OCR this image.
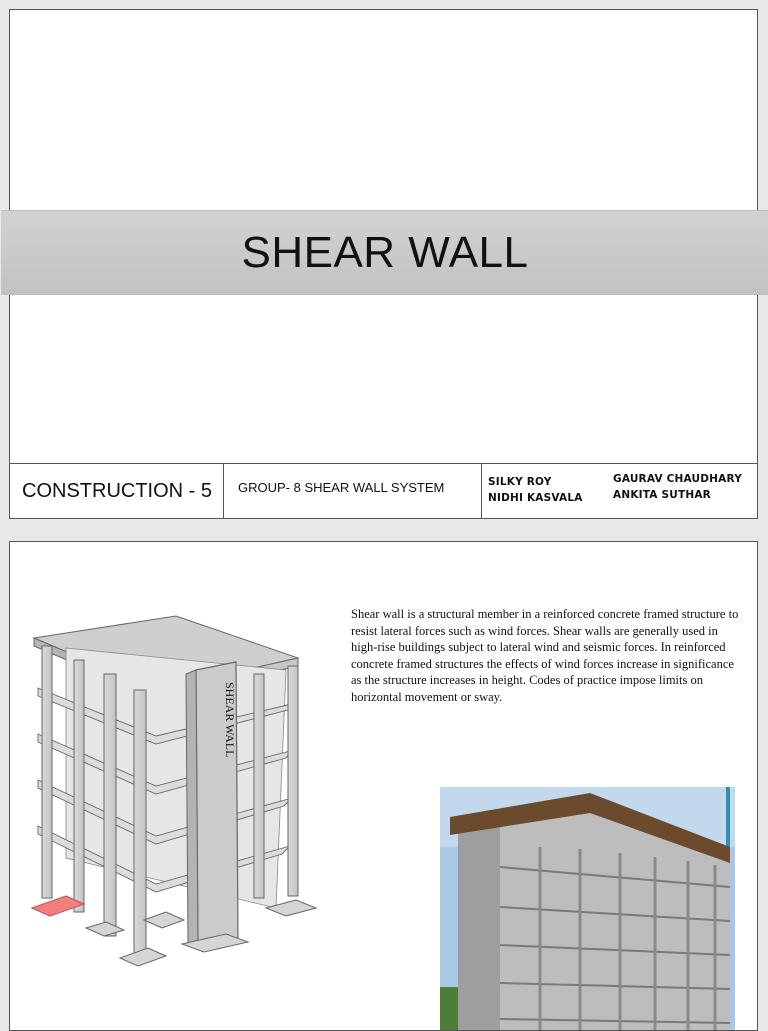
SHEAR WALL
CONSTRUCTION - 5 GROUP- 8 SHEAR WALL SYSTEM	SILKY ROY
NIDHI KASVALA
GAURAV CHAUDHARY
ANKITA SUTHAR
SHEAR WALL

Shear wall is a structural member in a reinforced concrete framed structure to resist lateral forces such as wind forces. Shear walls are generally used in high-rise buildings subject to lateral wind and seismic forces. In reinforced concrete framed structures the effects of wind forces increase in significance as the structure increases in height. Codes of practice impose limits on horizontal movement or sway.
